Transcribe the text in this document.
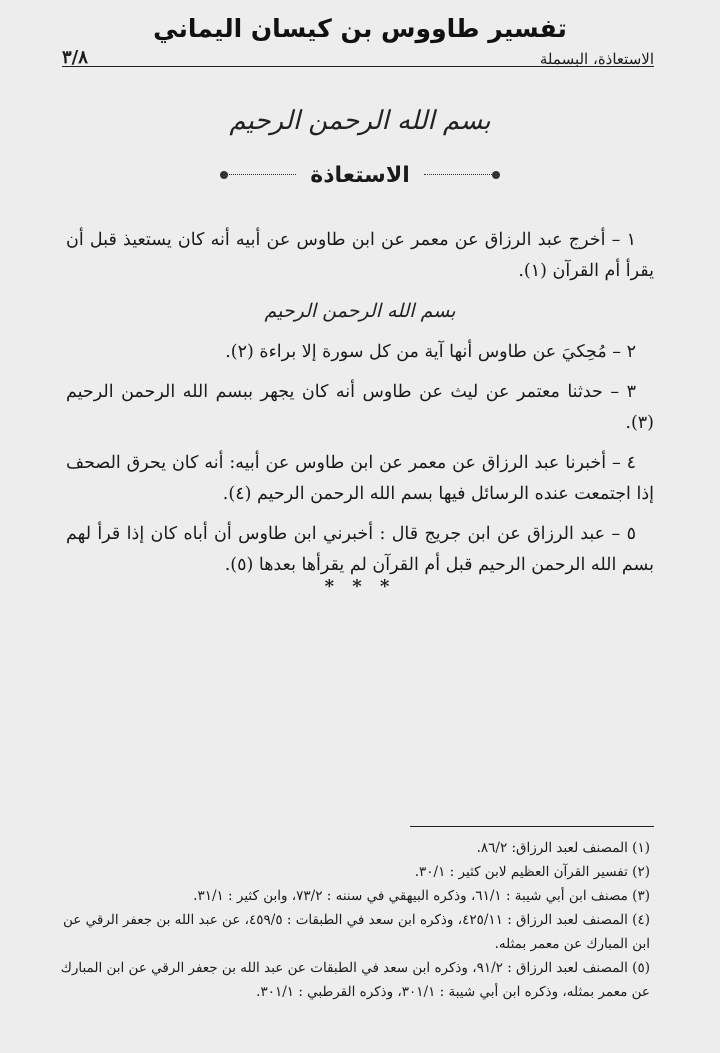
تفسير طاووس بن كيسان اليماني
الاستعاذة، البسملة
٣/٨
بسم الله الرحمن الرحيم
الاستعاذة

١ – أخرج عبد الرزاق عن معمر عن ابن طاوس عن أبيه أنه كان يستعيذ قبل أن يقرأ أم القرآن (١).

بسم الله الرحمن الرحيم

٢ – مُحِكيَ عن طاوس أنها آية من كل سورة إلا براءة (٢).

٣ – حدثنا معتمر عن ليث عن طاوس أنه كان يجهر ببسم الله الرحمن الرحيم (٣).

٤ – أخبرنا عبد الرزاق عن معمر عن ابن طاوس عن أبيه: أنه كان يحرق الصحف إذا اجتمعت عنده الرسائل فيها بسم الله الرحمن الرحيم (٤).

٥ – عبد الرزاق عن ابن جريج قال : أخبرني ابن طاوس أن أباه كان إذا قرأ لهم بسم الله الرحمن الرحيم قبل أم القرآن لم يقرأها بعدها (٥).

* * *
(١) المصنف لعبد الرزاق: ٨٦/٢.
(٢) تفسير القرآن العظيم لابن كثير : ٣٠/١.
(٣) مصنف ابن أبي شيبة : ٦١/١، وذكره البيهقي في سننه : ٧٣/٢، وابن كثير : ٣١/١.
(٤) المصنف لعبد الرزاق : ٤٢٥/١١، وذكره ابن سعد في الطبقات : ٤٥٩/٥، عن عبد الله بن جعفر الرقي عن ابن المبارك عن معمر بمثله.
(٥) المصنف لعبد الرزاق : ٩١/٢، وذكره ابن سعد في الطبقات عن عبد الله بن جعفر الرقي عن ابن المبارك عن معمر بمثله، وذكره ابن أبي شيبة : ٣٠١/١، وذكره القرطبي : ٣٠١/١.
